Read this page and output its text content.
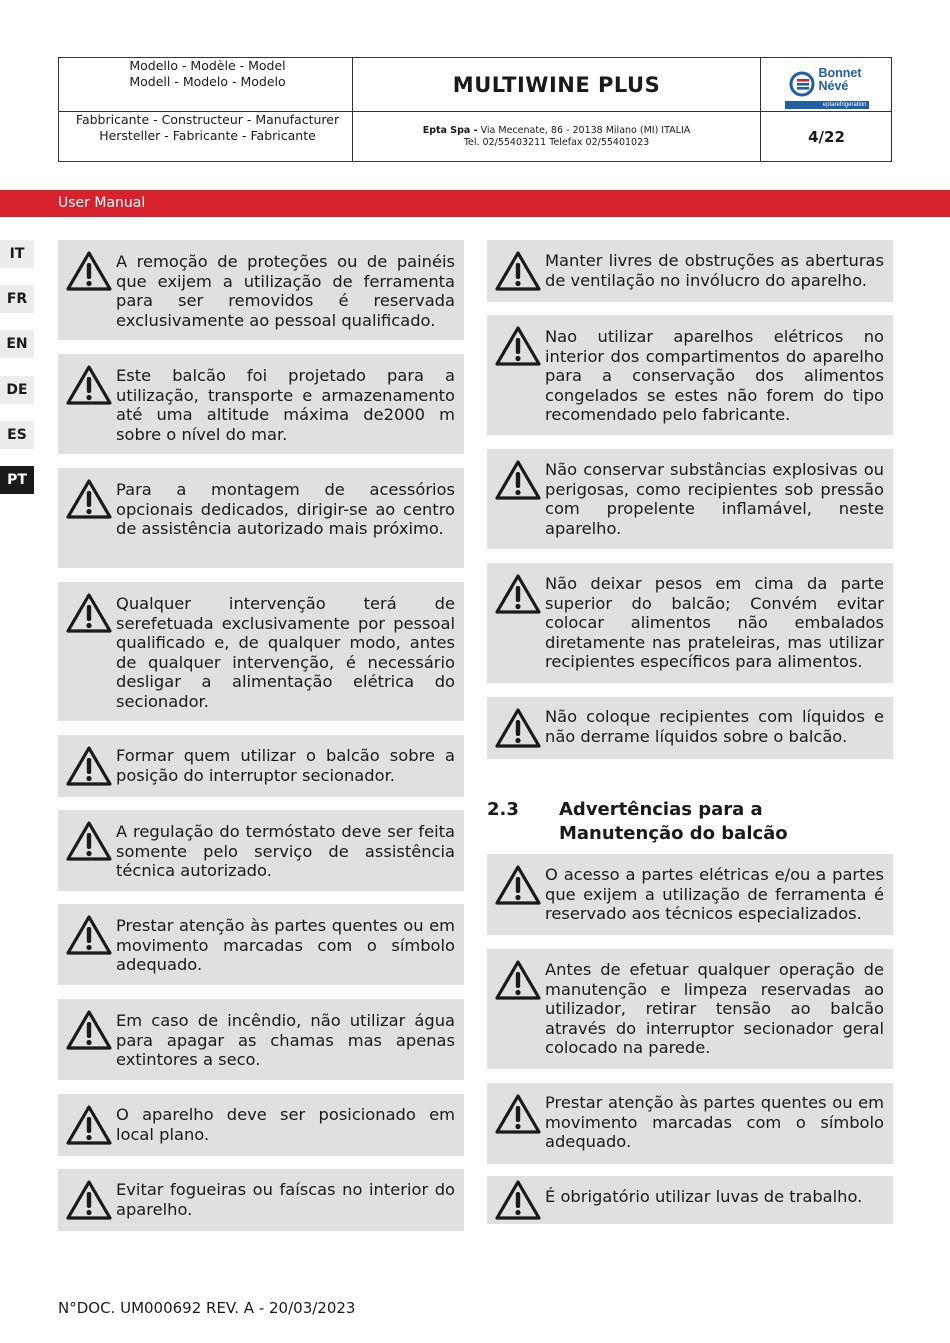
Modello - Modèle - Model
Modell - Modelo - Modelo	MULTIWINE PLUS	Bonnet
Névé
eptarefrigeration
Fabbricante - Constructeur - Manufacturer
Hersteller - Fabricante - Fabricante	Epta Spa - Via Mecenate, 86 - 20138 Milano (MI) ITALIA
Tel. 02/55403211 Telefax 02/55401023	4/22
User Manual
IT
FR
EN
DE
ES
PT
A remoção de proteções ou de painéis que exijem a utilização de ferramenta para ser removidos é reservada exclusivamente ao pessoal qualificado.
Este balcão foi projetado para a utilização, transporte e armazenamento até uma altitude máxima de2000 m sobre o nível do mar.
Para a montagem de acessórios opcionais dedicados, dirigir-se ao centro de assistência autorizado mais próximo.
Qualquer intervenção terá de serefetuada exclusivamente por pessoal qualificado e, de qualquer modo, antes de qualquer intervenção, é necessário desligar a alimentação elétrica do secionador.
Formar quem utilizar o balcão sobre a posição do interruptor secionador.
A regulação do termóstato deve ser feita somente pelo serviço de assistência técnica autorizado.
Prestar atenção às partes quentes ou em movimento marcadas com o símbolo adequado.
Em caso de incêndio, não utilizar água para apagar as chamas mas apenas extintores a seco.
O aparelho deve ser posicionado em local plano.
Evitar fogueiras ou faíscas no interior do aparelho.
Manter livres de obstruções as aberturas de ventilação no invólucro do aparelho.
Nao utilizar aparelhos elétricos no interior dos compartimentos do aparelho para a conservação dos alimentos congelados se estes não forem do tipo recomendado pelo fabricante.
Não conservar substâncias explosivas ou perigosas, como recipientes sob pressão com propelente inflamável, neste aparelho.
Não deixar pesos em cima da parte superior do balcão; Convém evitar colocar alimentos não embalados diretamente nas prateleiras, mas utilizar recipientes específicos para alimentos.
Não coloque recipientes com líquidos e não derrame líquidos sobre o balcão.
2.3 Advertências para a Manutenção do balcão
O acesso a partes elétricas e/ou a partes que exijem a utilização de ferramenta é reservado aos técnicos especializados.
Antes de efetuar qualquer operação de manutenção e limpeza reservadas ao utilizador, retirar tensão ao balcão através do interruptor secionador geral colocado na parede.
Prestar atenção às partes quentes ou em movimento marcadas com o símbolo adequado.
É obrigatório utilizar luvas de trabalho.
N°DOC. UM000692 REV. A - 20/03/2023
